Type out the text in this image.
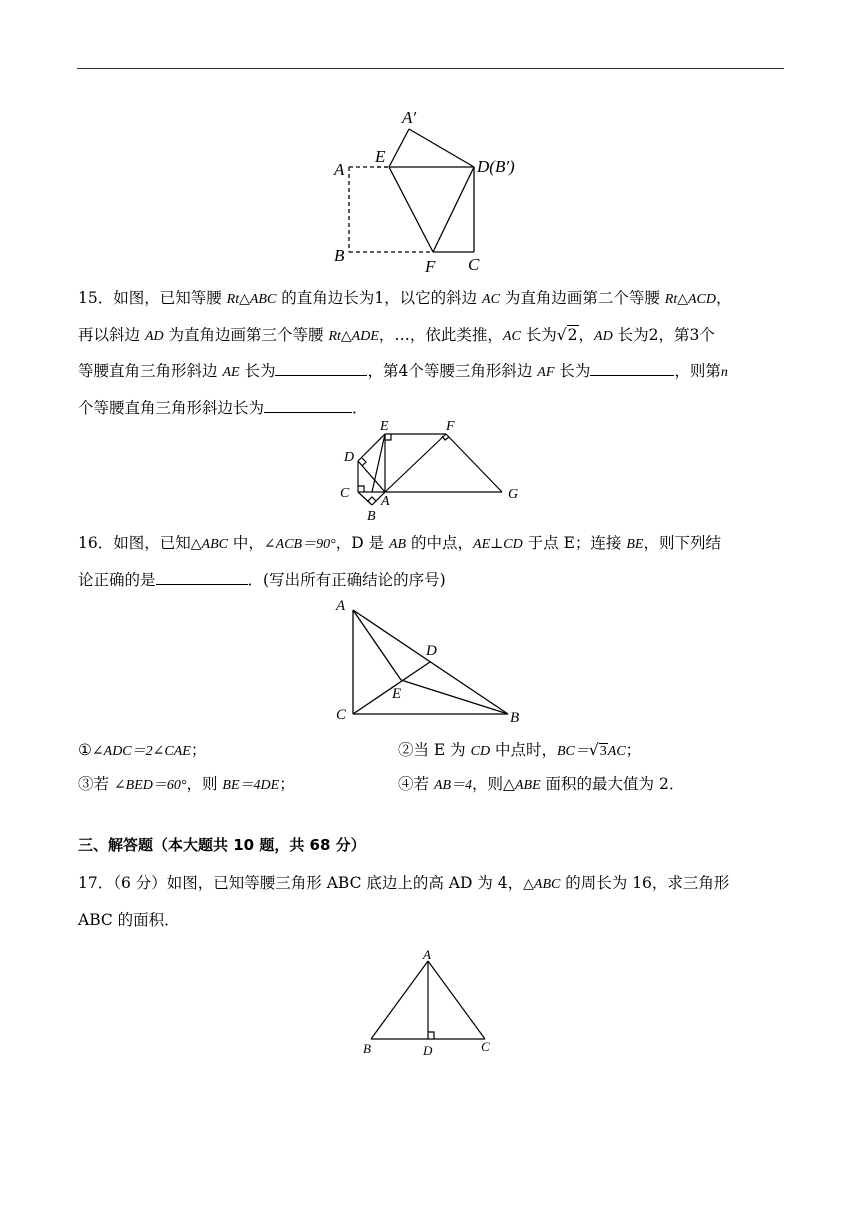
A′
A
E
D(B′)
B
F C
15．如图，已知等腰 Rt△ABC 的直角边长为1，以它的斜边 AC 为直角边画第二个等腰 Rt△ACD，
再以斜边 AD 为直角边画第三个等腰 Rt△ADE，…，依此类推，AC 长为√2，AD 长为2，第3个
等腰直角三角形斜边 AE 长为	，第4个等腰三角形斜边 AF 长为	，则第n
个等腰直角三角形斜边长为	．
E	F
D
C
A
B
G
16．如图，已知△ABC 中，∠ACB＝90°，D 是 AB 的中点，AE⊥CD 于点 E；连接 BE，则下列结
论正确的是	．(写出所有正确结论的序号)
A
D
E
C	B
①∠ADC＝2∠CAE；	②当 E 为 CD 中点时，BC＝√3AC；
③若 ∠BED＝60°，则 BE＝4DE；	④若 AB＝4，则△ABE 面积的最大值为 2．
三、解答题（本大题共 10 题，共 68 分）
17．（6 分）如图，已知等腰三角形 ABC 底边上的高 AD 为 4，△ABC 的周长为 16，求三角形
ABC 的面积．
A
B	D	C
